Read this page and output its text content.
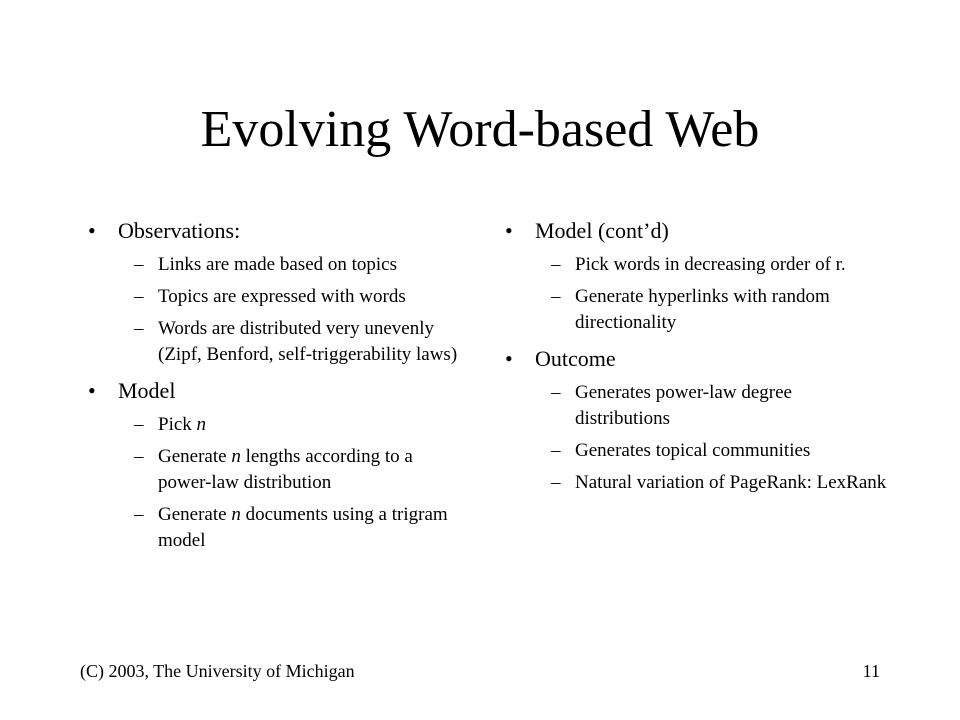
Evolving Word-based Web
•	Observations:
– Links are made based on topics
– Topics are expressed with words
– Words are distributed very unevenly (Zipf, Benford, self-triggerability laws)
•	Model
– Pick n
– Generate n lengths according to a power-law distribution
– Generate n documents using a trigram model
•	Model (cont’d)
– Pick words in decreasing order of r.
– Generate hyperlinks with random directionality
•	Outcome
– Generates power-law degree distributions
– Generates topical communities
– Natural variation of PageRank: LexRank
(C) 2003, The University of Michigan	11
